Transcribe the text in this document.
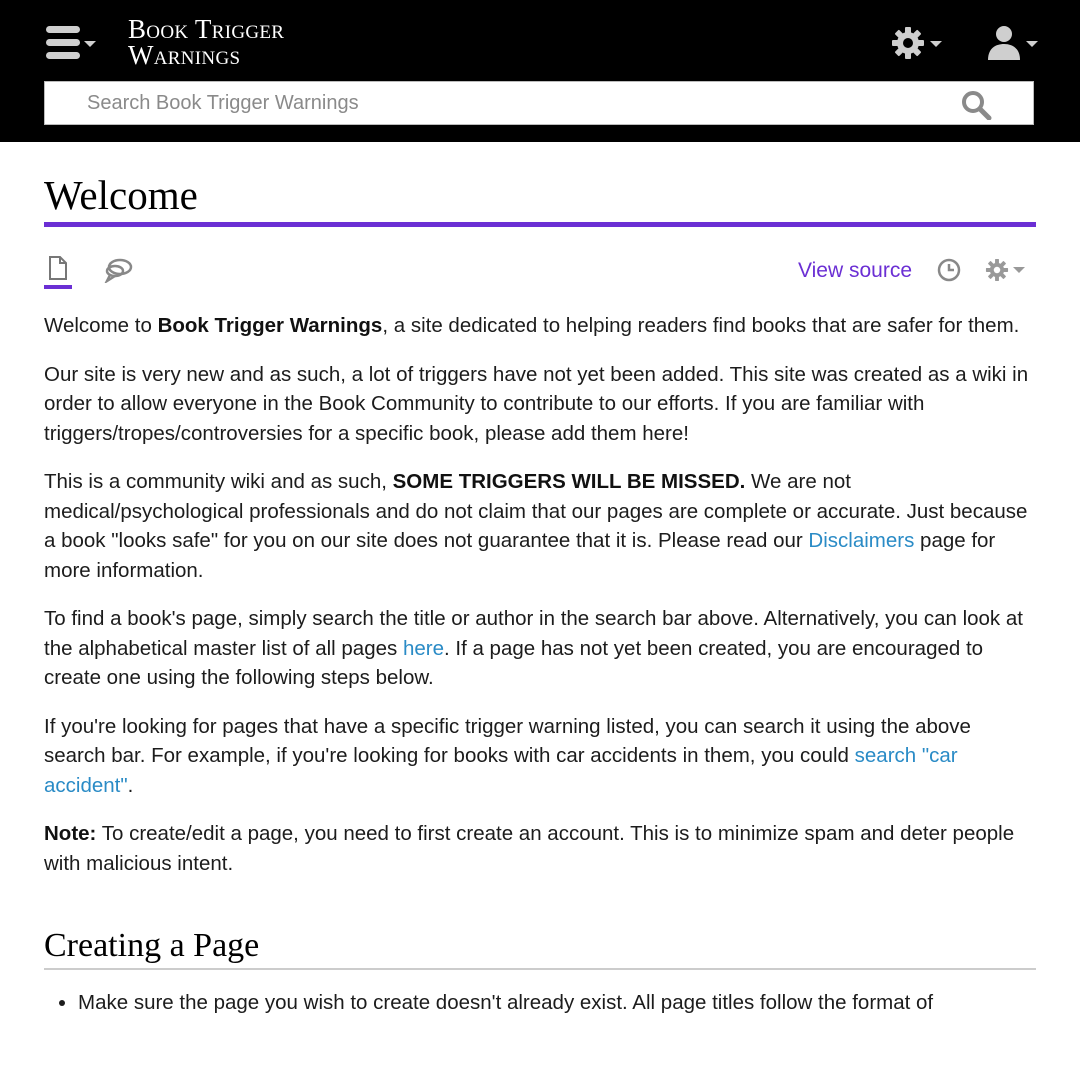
Book Trigger
Warnings
Search Book Trigger Warnings
Welcome
View source

Welcome to Book Trigger Warnings, a site dedicated to helping readers find books that are safer for them.

Our site is very new and as such, a lot of triggers have not yet been added. This site was created as a wiki in order to allow everyone in the Book Community to contribute to our efforts. If you are familiar with triggers/tropes/controversies for a specific book, please add them here!

This is a community wiki and as such, SOME TRIGGERS WILL BE MISSED. We are not medical/psychological professionals and do not claim that our pages are complete or accurate. Just because a book "looks safe" for you on our site does not guarantee that it is. Please read our Disclaimers page for more information.

To find a book's page, simply search the title or author in the search bar above. Alternatively, you can look at the alphabetical master list of all pages here. If a page has not yet been created, you are encouraged to create one using the following steps below.

If you're looking for pages that have a specific trigger warning listed, you can search it using the above search bar. For example, if you're looking for books with car accidents in them, you could search "car accident".

Note: To create/edit a page, you need to first create an account. This is to minimize spam and deter people with malicious intent.

Creating a Page
• Make sure the page you wish to create doesn't already exist. All page titles follow the format of
